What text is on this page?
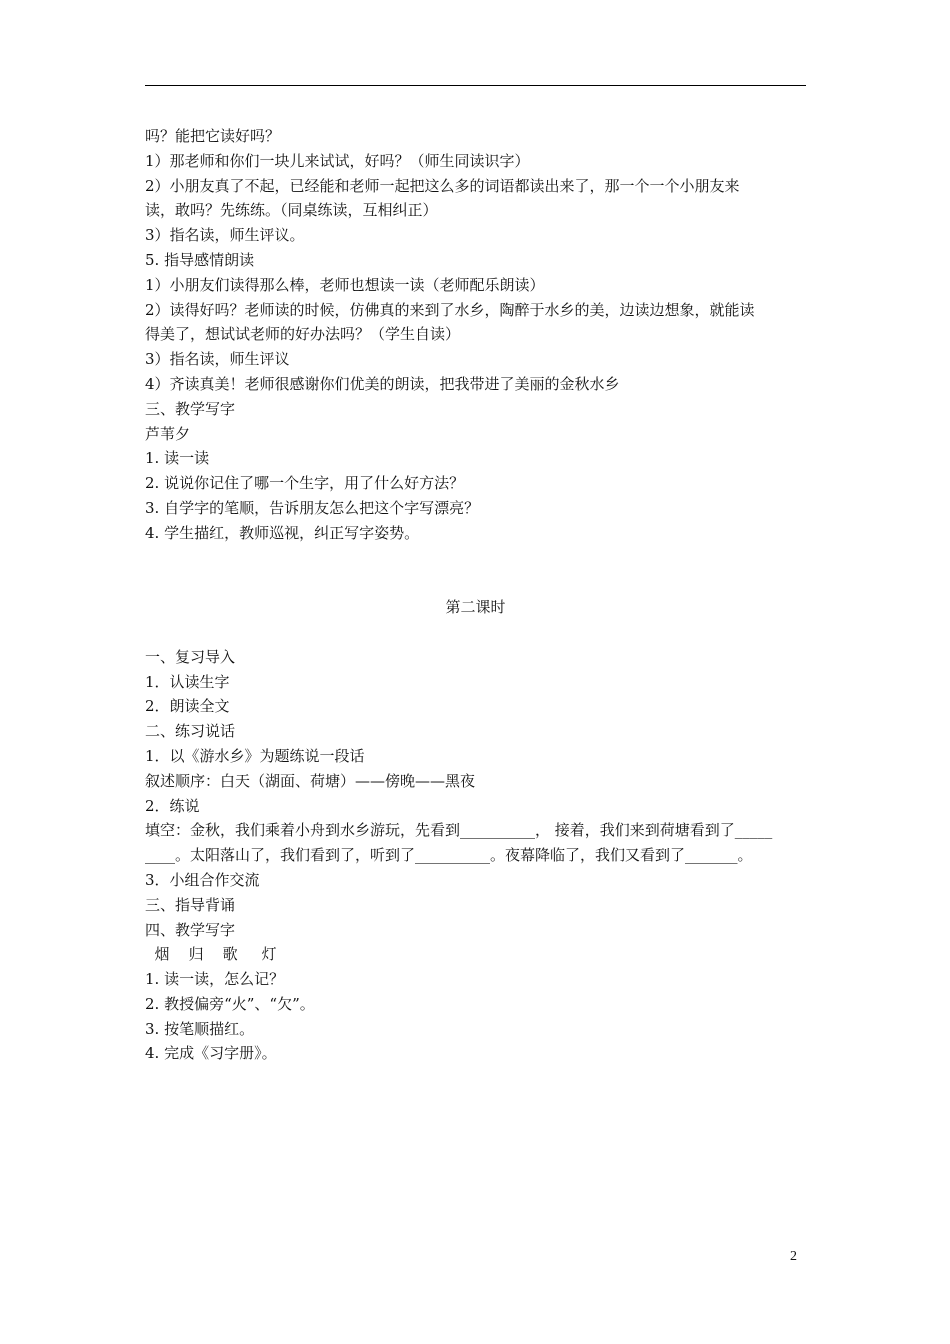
吗？能把它读好吗？
1）那老师和你们一块儿来试试，好吗？（师生同读识字）
2）小朋友真了不起，已经能和老师一起把这么多的词语都读出来了，那一个一个小朋友来
读，敢吗？先练练。（同桌练读，互相纠正）
3）指名读，师生评议。
5. 指导感情朗读
1）小朋友们读得那么棒，老师也想读一读（老师配乐朗读）
2）读得好吗？老师读的时候，仿佛真的来到了水乡，陶醉于水乡的美，边读边想象，就能读
得美了，想试试老师的好办法吗？（学生自读）
3）指名读，师生评议
4）齐读真美！老师很感谢你们优美的朗读，把我带进了美丽的金秋水乡
三、教学写字
芦苇夕
1. 读一读
2. 说说你记住了哪一个生字，用了什么好方法？
3. 自学字的笔顺，告诉朋友怎么把这个字写漂亮？
4. 学生描红，教师巡视，纠正写字姿势。
第二课时
一、复习导入
1．认读生字
2．朗读全文
二、练习说话
1．以《游水乡》为题练说一段话
叙述顺序：白天（湖面、荷塘）——傍晚——黑夜
2．练说
填空：金秋，我们乘着小舟到水乡游玩，先看到__________， 接着，我们来到荷塘看到了_____
____。太阳落山了，我们看到了，听到了__________。夜幕降临了，我们又看到了_______。
3．小组合作交流
三、指导背诵
四、教学写字
烟    归    歌     灯
1. 读一读，怎么记？
2. 教授偏旁“火”、“欠”。
3. 按笔顺描红。
4. 完成《习字册》。
2
